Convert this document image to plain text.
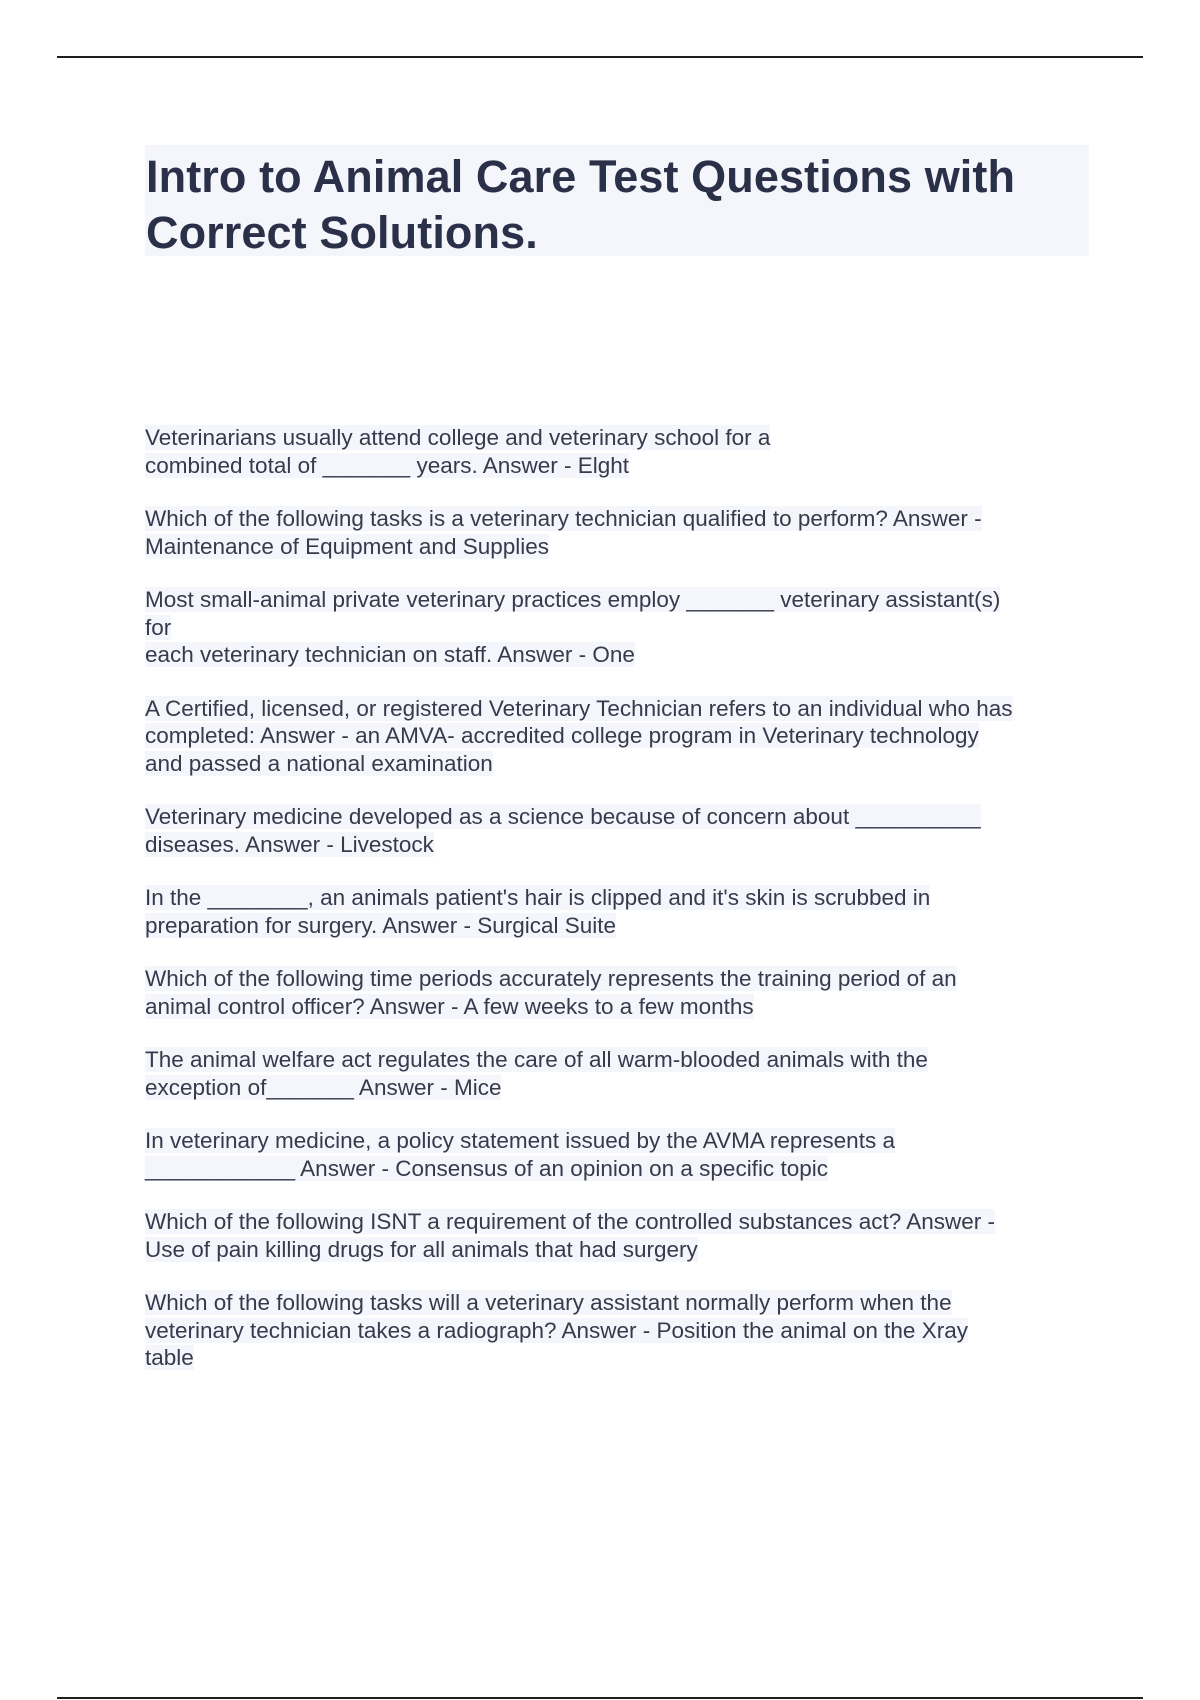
Intro to Animal Care Test Questions with Correct Solutions.
Veterinarians usually attend college and veterinary school for a
combined total of _______ years. Answer - Elght
Which of the following tasks is a veterinary technician qualified to perform? Answer -
Maintenance of Equipment and Supplies
Most small-animal private veterinary practices employ _______ veterinary assistant(s)
for
each veterinary technician on staff. Answer - One
A Certified, licensed, or registered Veterinary Technician refers to an individual who has
completed: Answer - an AMVA- accredited college program in Veterinary technology
and passed a national examination
Veterinary medicine developed as a science because of concern about __________
diseases. Answer - Livestock
In the ________, an animals patient's hair is clipped and it's skin is scrubbed in
preparation for surgery. Answer - Surgical Suite
Which of the following time periods accurately represents the training period of an
animal control officer? Answer - A few weeks to a few months
The animal welfare act regulates the care of all warm-blooded animals with the
exception of_______ Answer - Mice
In veterinary medicine, a policy statement issued by the AVMA represents a
____________ Answer - Consensus of an opinion on a specific topic
Which of the following ISNT a requirement of the controlled substances act? Answer -
Use of pain killing drugs for all animals that had surgery
Which of the following tasks will a veterinary assistant normally perform when the
veterinary technician takes a radiograph? Answer - Position the animal on the Xray
table
